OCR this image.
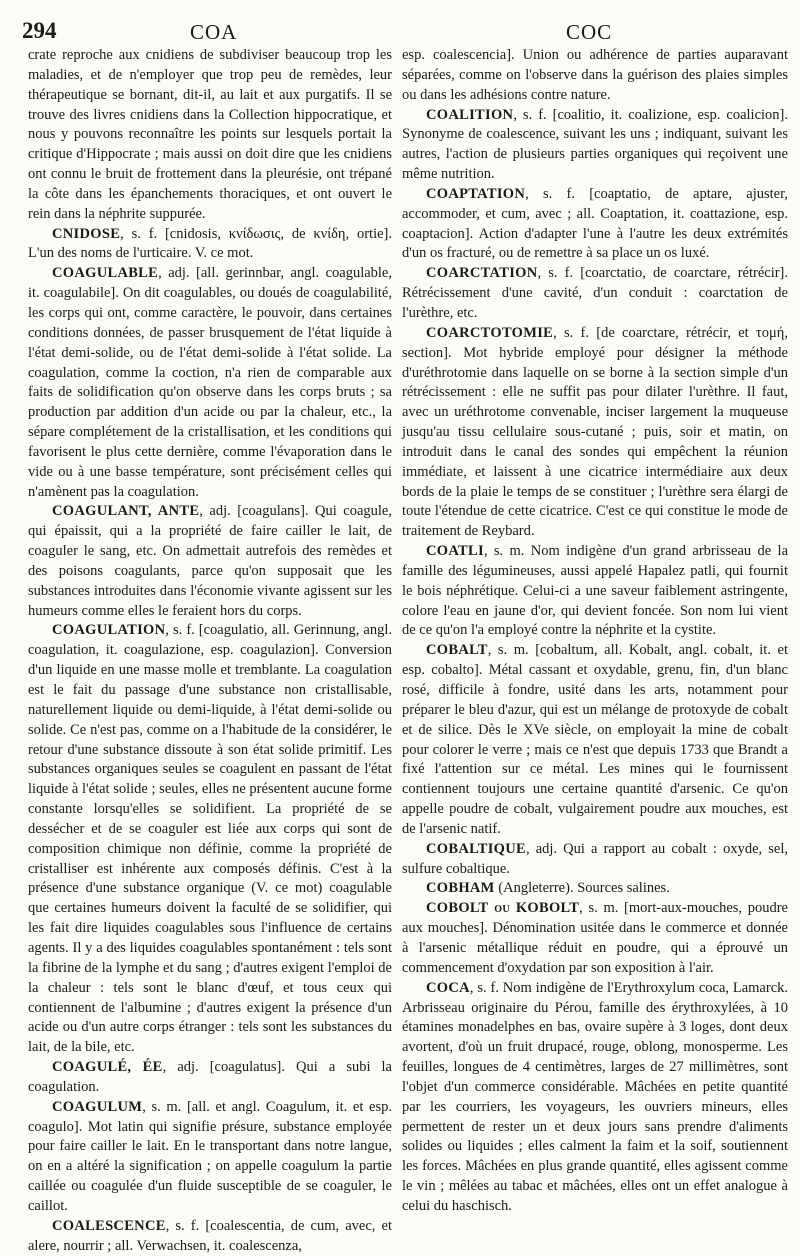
294	COA	COC

crate reproche aux cnidiens de subdiviser beaucoup trop les maladies, et de n'employer que trop peu de remèdes, leur thérapeutique se bornant, dit-il, au lait et aux purgatifs. Il se trouve des livres cnidiens dans la Collection hippocratique, et nous y pouvons reconnaître les points sur lesquels portait la critique d'Hippocrate ; mais aussi on doit dire que les cnidiens ont connu le bruit de frottement dans la pleurésie, ont trépané la côte dans les épanchements thoraciques, et ont ouvert le rein dans la néphrite suppurée.

CNIDOSE, s. f. [cnidosis, κνίδωσις, de κνίδη, ortie]. L'un des noms de l'urticaire. V. ce mot.

COAGULABLE, adj. [all. gerinnbar, angl. coagulable, it. coagulabile]. On dit coagulables, ou doués de coagulabilité, les corps qui ont, comme caractère, le pouvoir, dans certaines conditions données, de passer brusquement de l'état liquide à l'état demi-solide, ou de l'état demi-solide à l'état solide. La coagulation, comme la coction, n'a rien de comparable aux faits de solidification qu'on observe dans les corps bruts ; sa production par addition d'un acide ou par la chaleur, etc., la sépare complétement de la cristallisation, et les conditions qui favorisent le plus cette dernière, comme l'évaporation dans le vide ou à une basse température, sont précisément celles qui n'amènent pas la coagulation.

COAGULANT, ANTE, adj. [coagulans]. Qui coagule, qui épaissit, qui a la propriété de faire cailler le lait, de coaguler le sang, etc. On admettait autrefois des remèdes et des poisons coagulants, parce qu'on supposait que les substances introduites dans l'économie vivante agissent sur les humeurs comme elles le feraient hors du corps.

COAGULATION, s. f. [coagulatio, all. Gerinnung, angl. coagulation, it. coagulazione, esp. coagulazion]. Conversion d'un liquide en une masse molle et tremblante. La coagulation est le fait du passage d'une substance non cristallisable, naturellement liquide ou demi-liquide, à l'état demi-solide ou solide. Ce n'est pas, comme on a l'habitude de la considérer, le retour d'une substance dissoute à son état solide primitif. Les substances organiques seules se coagulent en passant de l'état liquide à l'état solide ; seules, elles ne présentent aucune forme constante lorsqu'elles se solidifient. La propriété de se dessécher et de se coaguler est liée aux corps qui sont de composition chimique non définie, comme la propriété de cristalliser est inhérente aux composés définis. C'est à la présence d'une substance organique (V. ce mot) coagulable que certaines humeurs doivent la faculté de se solidifier, qui les fait dire liquides coagulables sous l'influence de certains agents. Il y a des liquides coagulables spontanément : tels sont la fibrine de la lymphe et du sang ; d'autres exigent l'emploi de la chaleur : tels sont le blanc d'œuf, et tous ceux qui contiennent de l'albumine ; d'autres exigent la présence d'un acide ou d'un autre corps étranger : tels sont les substances du lait, de la bile, etc.

COAGULÉ, ÉE, adj. [coagulatus]. Qui a subi la coagulation.

COAGULUM, s. m. [all. et angl. Coagulum, it. et esp. coagulo]. Mot latin qui signifie présure, substance employée pour faire cailler le lait. En le transportant dans notre langue, on en a altéré la signification ; on appelle coagulum la partie caillée ou coagulée d'un fluide susceptible de se coaguler, le caillot.

COALESCENCE, s. f. [coalescentia, de cum, avec, et alere, nourrir ; all. Verwachsen, it. coalescenza,

esp. coalescencia]. Union ou adhérence de parties auparavant séparées, comme on l'observe dans la guérison des plaies simples ou dans les adhésions contre nature.

COALITION, s. f. [coalitio, it. coalizione, esp. coalicion]. Synonyme de coalescence, suivant les uns ; indiquant, suivant les autres, l'action de plusieurs parties organiques qui reçoivent une même nutrition.

COAPTATION, s. f. [coaptatio, de aptare, ajuster, accommoder, et cum, avec ; all. Coaptation, it. coattazione, esp. coaptacion]. Action d'adapter l'une à l'autre les deux extrémités d'un os fracturé, ou de remettre à sa place un os luxé.

COARCTATION, s. f. [coarctatio, de coarctare, rétrécir]. Rétrécissement d'une cavité, d'un conduit : coarctation de l'urèthre, etc.

COARCTOTOMIE, s. f. [de coarctare, rétrécir, et τομή, section]. Mot hybride employé pour désigner la méthode d'uréthrotomie dans laquelle on se borne à la section simple d'un rétrécissement : elle ne suffit pas pour dilater l'urèthre. Il faut, avec un uréthrotome convenable, inciser largement la muqueuse jusqu'au tissu cellulaire sous-cutané ; puis, soir et matin, on introduit dans le canal des sondes qui empêchent la réunion immédiate, et laissent à une cicatrice intermédiaire aux deux bords de la plaie le temps de se constituer ; l'urèthre sera élargi de toute l'étendue de cette cicatrice. C'est ce qui constitue le mode de traitement de Reybard.

COATLI, s. m. Nom indigène d'un grand arbrisseau de la famille des légumineuses, aussi appelé Hapalez patli, qui fournit le bois néphrétique. Celui-ci a une saveur faiblement astringente, colore l'eau en jaune d'or, qui devient foncée. Son nom lui vient de ce qu'on l'a employé contre la néphrite et la cystite.

COBALT, s. m. [cobaltum, all. Kobalt, angl. cobalt, it. et esp. cobalto]. Métal cassant et oxydable, grenu, fin, d'un blanc rosé, difficile à fondre, usité dans les arts, notamment pour préparer le bleu d'azur, qui est un mélange de protoxyde de cobalt et de silice. Dès le XVe siècle, on employait la mine de cobalt pour colorer le verre ; mais ce n'est que depuis 1733 que Brandt a fixé l'attention sur ce métal. Les mines qui le fournissent contiennent toujours une certaine quantité d'arsenic. Ce qu'on appelle poudre de cobalt, vulgairement poudre aux mouches, est de l'arsenic natif.

COBALTIQUE, adj. Qui a rapport au cobalt : oxyde, sel, sulfure cobaltique.

COBHAM (Angleterre). Sources salines.

COBOLT ou KOBOLT, s. m. [mort-aux-mouches, poudre aux mouches]. Dénomination usitée dans le commerce et donnée à l'arsenic métallique réduit en poudre, qui a éprouvé un commencement d'oxydation par son exposition à l'air.

COCA, s. f. Nom indigène de l'Erythroxylum coca, Lamarck. Arbrisseau originaire du Pérou, famille des érythroxylées, à 10 étamines monadelphes en bas, ovaire supère à 3 loges, dont deux avortent, d'où un fruit drupacé, rouge, oblong, monosperme. Les feuilles, longues de 4 centimètres, larges de 27 millimètres, sont l'objet d'un commerce considérable. Mâchées en petite quantité par les courriers, les voyageurs, les ouvriers mineurs, elles permettent de rester un et deux jours sans prendre d'aliments solides ou liquides ; elles calment la faim et la soif, soutiennent les forces. Mâchées en plus grande quantité, elles agissent comme le vin ; mêlées au tabac et mâchées, elles ont un effet analogue à celui du haschisch.
